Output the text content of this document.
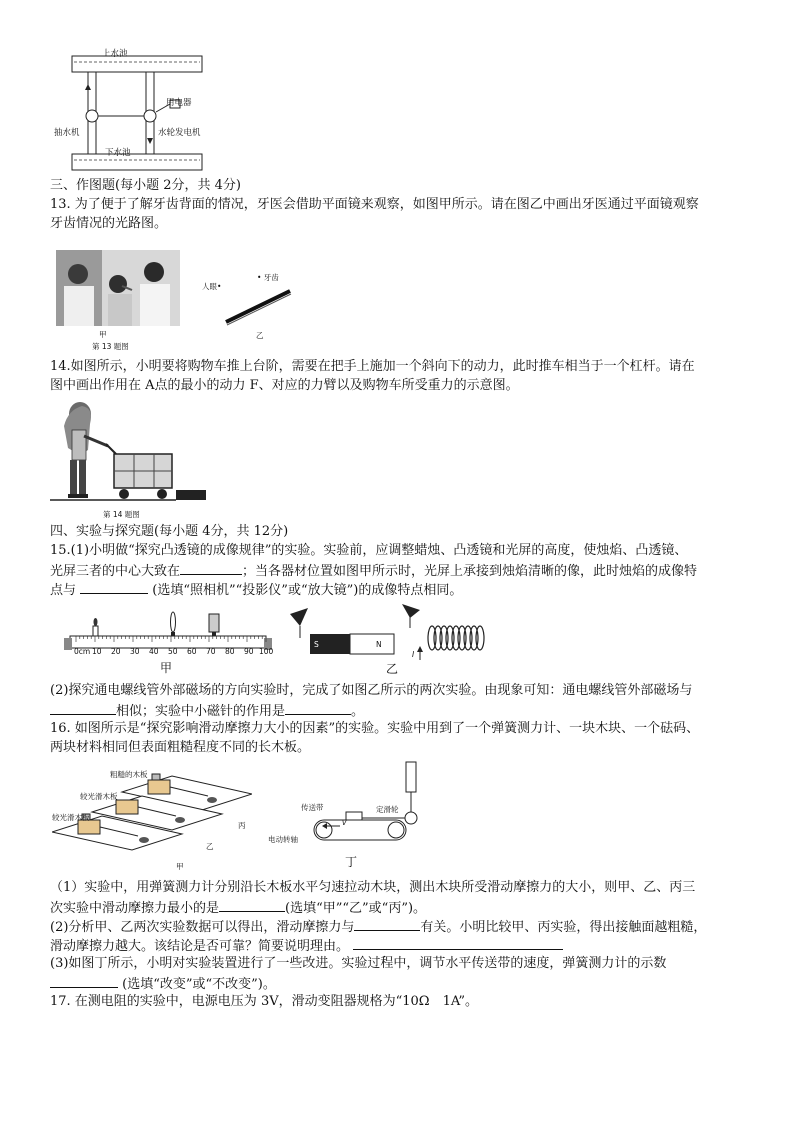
上水池
用电器
抽水机	水轮发电机
下水池
三、作图题(每小题 2分，共 4分)
13. 为了便于了解牙齿背面的情况，牙医会借助平面镜来观察，如图甲所示。请在图乙中画出牙医通过平面镜观察
牙齿情况的光路图。
甲
第 13 题图
人眼•
• 牙齿
乙
14.如图所示，小明要将购物车推上台阶，需要在把手上施加一个斜向下的动力，此时推车相当于一个杠杆。请在
图中画出作用在 A点的最小的动力 F、对应的力臂以及购物车所受重力的示意图。
第 14 题图
四、实验与探究题(每小题 4分，共 12分)
15.(1)小明做“探究凸透镜的成像规律”的实验。实验前，应调整蜡烛、凸透镜和光屏的高度，使烛焰、凸透镜、
光屏三者的中心大致在	；当各器材位置如图甲所示时，光屏上承接到烛焰清晰的像，此时烛焰的成像特
点与	(选填“照相机”“投影仪”或“放大镜”)的成像特点相同。
0cm 10 20 30 40 50 60 70 80 90 100
甲
S	N
I
乙
(2)探究通电螺线管外部磁场的方向实验时，完成了如图乙所示的两次实验。由现象可知：通电螺线管外部磁场与
相似；实验中小磁针的作用是	。
16. 如图所示是“探究影响滑动摩擦力大小的因素”的实验。实验中用到了一个弹簧测力计、一块木块、一个砝码、
两块材料相同但表面粗糙程度不同的长木板。
粗糙的木板
较光滑木板
较光滑木板
丙
乙
甲
传送带	定滑轮
v
电动转轴
丁
（1）实验中，用弹簧测力计分别沿长木板水平匀速拉动木块，测出木块所受滑动摩擦力的大小，则甲、乙、丙三
次实验中滑动摩擦力最小的是	(选填“甲”“乙”或“丙”)。
(2)分析甲、乙两次实验数据可以得出，滑动摩擦力与	有关。小明比较甲、丙实验，得出接触面越粗糙，
滑动摩擦力越大。该结论是否可靠？简要说明理由。
(3)如图丁所示，小明对实验装置进行了一些改进。实验过程中，调节水平传送带的速度，弹簧测力计的示数
(选填“改变”或“不改变”)。
17. 在测电阻的实验中，电源电压为 3V，滑动变阻器规格为“10Ω　1A”。
